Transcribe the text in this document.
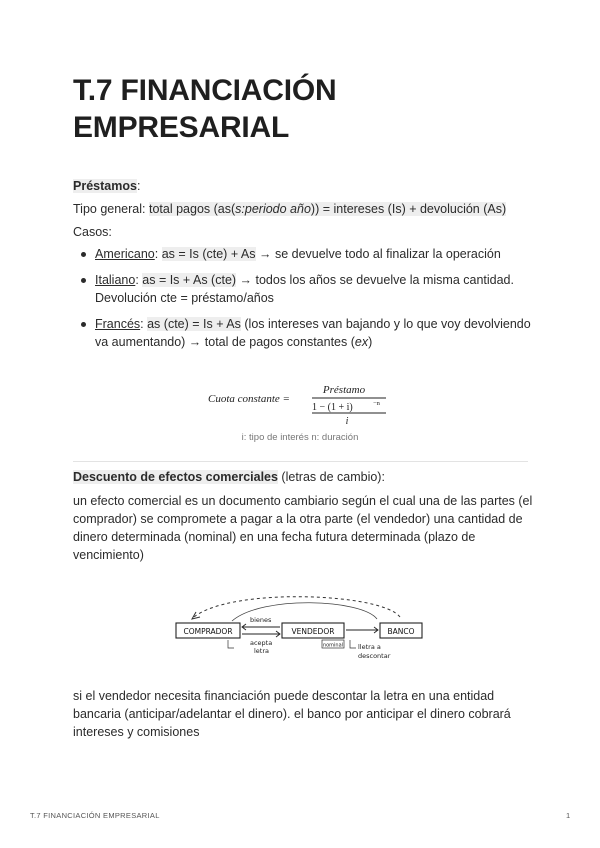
T.7 FINANCIACIÓN
EMPRESARIAL

Préstamos:

Tipo general: total pagos (as(s:periodo año)) = intereses (Is) + devolución (As)

Casos:

Americano: as = Is (cte) + As → se devuelve todo al finalizar la operación
Italiano: as = Is + As (cte) → todos los años se devuelve la misma cantidad. Devolución cte = préstamo/años
Francés: as (cte) = Is + As (los intereses van bajando y lo que voy devolviendo va aumentando) → total de pagos constantes (ex)
Cuota constante =
Préstamo
1 − (1 + i)	−n
i
i: tipo de interés n: duración

Descuento de efectos comerciales (letras de cambio):

un efecto comercial es un documento cambiario según el cual una de las partes (el comprador) se compromete a pagar a la otra parte (el vendedor) una cantidad de dinero determinada (nominal) en una fecha futura determinada (plazo de vencimiento)

COMPRADOR	VENDEDOR	BANCO
bienes
acepta
letra
nominal lletra a
descontar

si el vendedor necesita financiación puede descontar la letra en una entidad bancaria (anticipar/adelantar el dinero). el banco por anticipar el dinero cobrará intereses y comisiones

T.7 FINANCIACIÓN EMPRESARIAL	1
